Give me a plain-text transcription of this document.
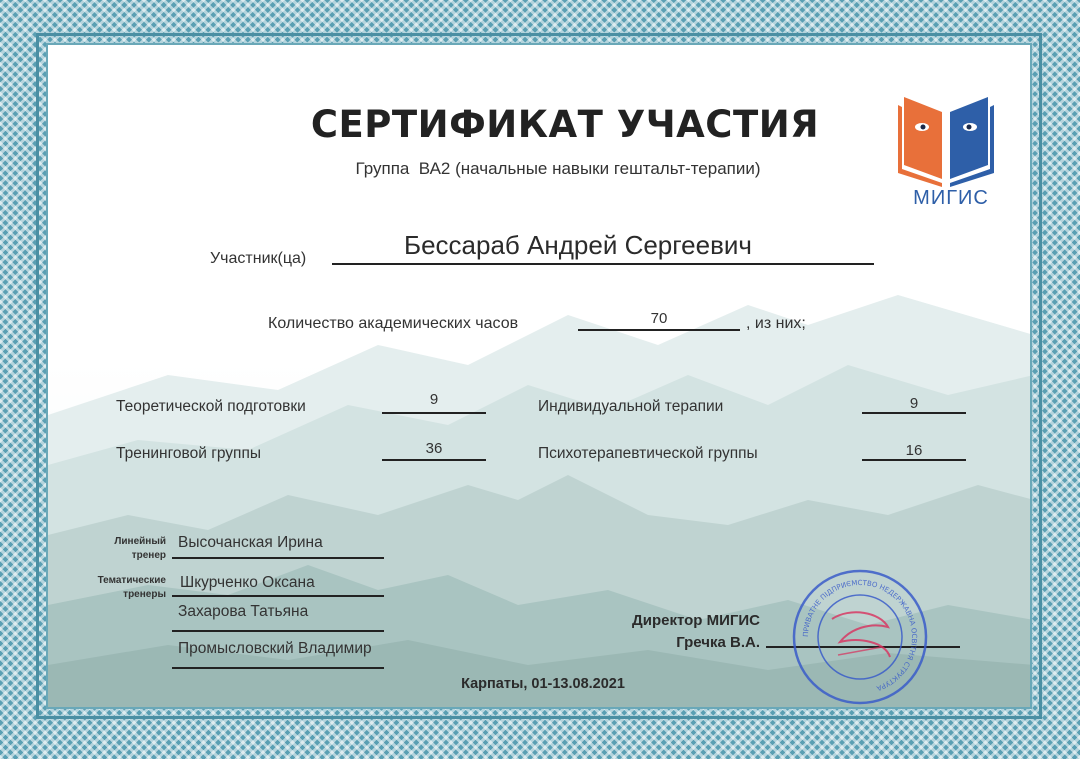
МИГИС
СЕРТИФИКАТ УЧАСТИЯ
Группа  ВА2 (начальные навыки гештальт-терапии)
Участник(ца)	Бессараб Андрей Сергеевич
Количество академических часов	70	, из них;
Теоретической подготовки	9
Тренинговой группы	36
Индивидуальной терапии	9
Психотерапевтической группы	16
Линейный
тренер
Высочанская Ирина
Тематические
тренеры
Шкурченко Оксана
Захарова Татьяна
Промысловский Владимир
Директор МИГИС
Гречка В.А.	ПРИВАТНЕ ПІДПРИЄМСТВО НЕДЕРЖАВНА ОСВІТНЯ СТРУКТУРА
Карпаты, 01-13.08.2021
